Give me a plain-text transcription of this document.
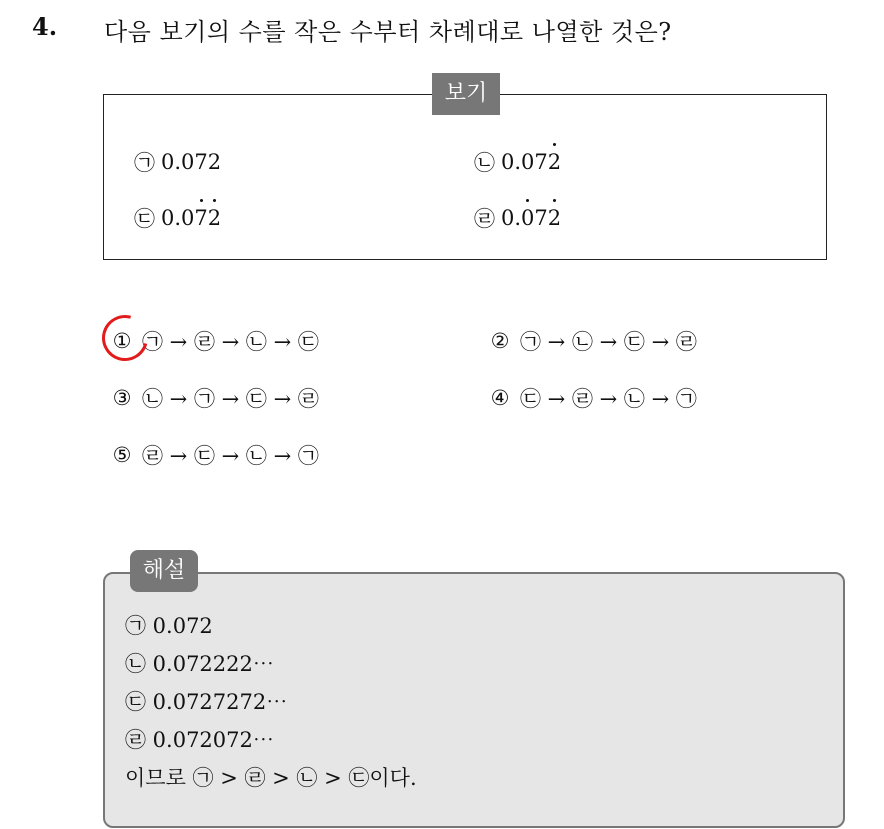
4. 다음 보기의 수를 작은 수부터 차례대로 나열한 것은?
보기
㉠ 0.072	㉡ 0.07 2
㉢ 0.0 7 2	㉣ 0. 0 7 2
① ㉠ → ㉣ → ㉡ → ㉢	② ㉠ → ㉡ → ㉢ → ㉣
③ ㉡ → ㉠ → ㉢ → ㉣	④ ㉢ → ㉣ → ㉡ → ㉠
⑤ ㉣ → ㉢ → ㉡ → ㉠
해설
㉠ 0.072
㉡ 0.072222⋯
㉢ 0.0727272⋯
㉣ 0.072072⋯
이므로 ㉠ > ㉣ > ㉡ > ㉢이다.
